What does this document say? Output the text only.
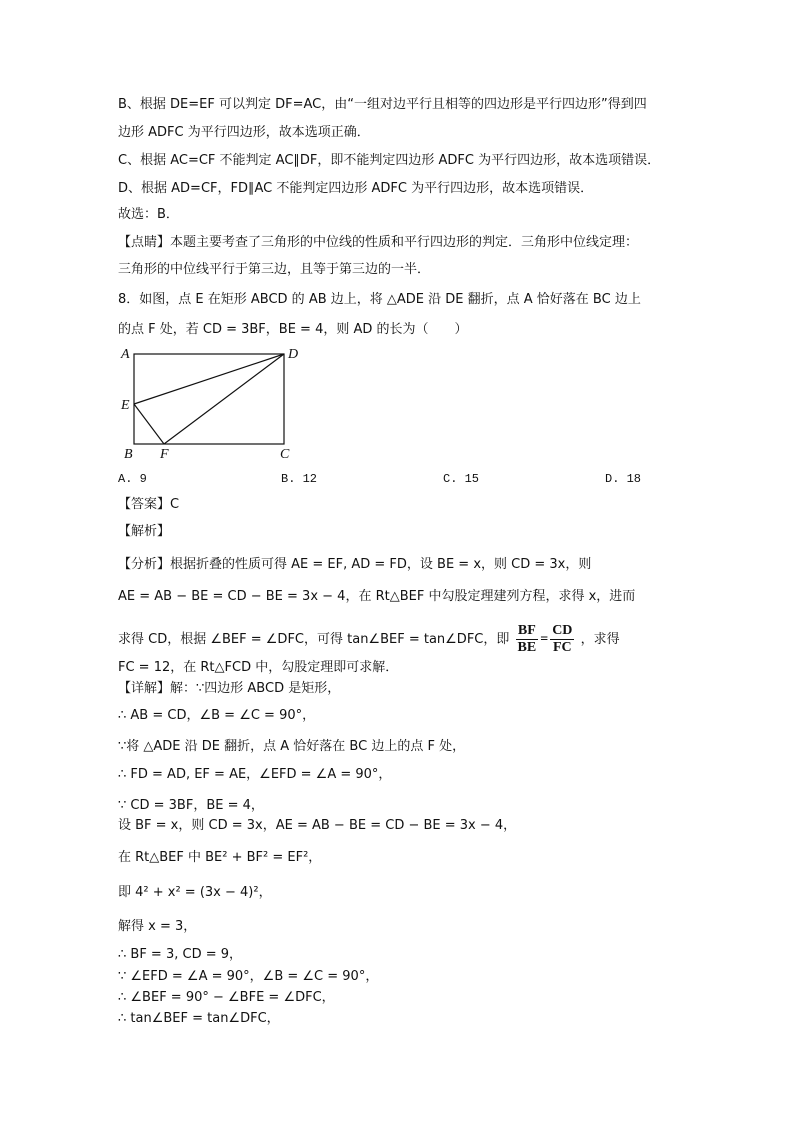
B、根据 DE=EF 可以判定 DF=AC，由“一组对边平行且相等的四边形是平行四边形”得到四
边形 ADFC 为平行四边形，故本选项正确．
C、根据 AC=CF 不能判定 AC∥DF，即不能判定四边形 ADFC 为平行四边形，故本选项错误．
D、根据 AD=CF，FD∥AC 不能判定四边形 ADFC 为平行四边形，故本选项错误．
故选：B．
【点睛】本题主要考查了三角形的中位线的性质和平行四边形的判定．三角形中位线定理：
三角形的中位线平行于第三边，且等于第三边的一半．
8．如图，点 E 在矩形 ABCD 的 AB 边上，将 △ADE 沿 DE 翻折，点 A 恰好落在 BC 边上
的点 F 处，若 CD = 3BF，BE = 4，则 AD 的长为（　　）
A	D
E
B F	C
A. 9	B. 12	C. 15	D. 18
【答案】C
【解析】
【分析】根据折叠的性质可得 AE = EF, AD = FD，设 BE = x，则 CD = 3x，则
AE = AB − BE = CD − BE = 3x − 4，在 Rt△BEF 中勾股定理建列方程，求得 x，进而
求得 CD，根据 ∠BEF = ∠DFC，可得 tan∠BEF = tan∠DFC，即 $\frac{BF}{BE} = \frac{CD}{FC}$ ，求得
FC = 12，在 Rt△FCD 中，勾股定理即可求解．
【详解】解：∵四边形 ABCD 是矩形，
∴ AB = CD，∠B = ∠C = 90°，
∵将 △ADE 沿 DE 翻折，点 A 恰好落在 BC 边上的点 F 处，
∴ FD = AD, EF = AE，∠EFD = ∠A = 90°，
∵ CD = 3BF，BE = 4，
设 BF = x，则 CD = 3x，AE = AB − BE = CD − BE = 3x − 4，
在 Rt△BEF 中 BE² + BF² = EF²，
即 4² + x² = (3x − 4)²，
解得 x = 3，
∴ BF = 3, CD = 9，
∵ ∠EFD = ∠A = 90°，∠B = ∠C = 90°，
∴ ∠BEF = 90° − ∠BFE = ∠DFC，
∴ tan∠BEF = tan∠DFC，
